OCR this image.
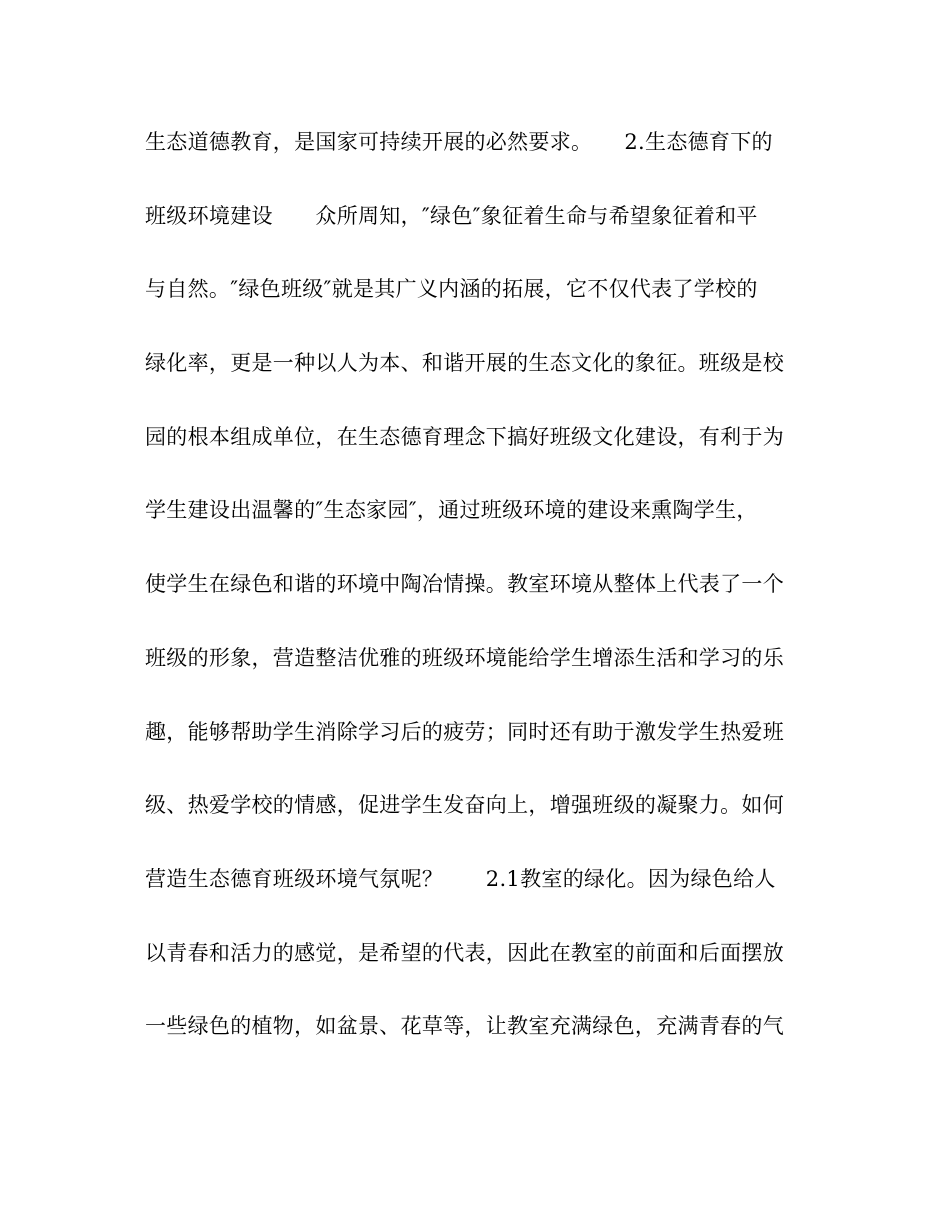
生态道德教育，是国家可持续开展的必然要求。　　2.生态德育下的
班级环境建设　　众所周知，″绿色″象征着生命与希望象征着和平
与自然。″绿色班级″就是其广义内涵的拓展，它不仅代表了学校的
绿化率，更是一种以人为本、和谐开展的生态文化的象征。班级是校
园的根本组成单位，在生态德育理念下搞好班级文化建设，有利于为
学生建设出温馨的″生态家园″，通过班级环境的建设来熏陶学生，
使学生在绿色和谐的环境中陶冶情操。教室环境从整体上代表了一个
班级的形象，营造整洁优雅的班级环境能给学生增添生活和学习的乐
趣，能够帮助学生消除学习后的疲劳；同时还有助于激发学生热爱班
级、热爱学校的情感，促进学生发奋向上，增强班级的凝聚力。如何
营造生态德育班级环境气氛呢？　　2.1教室的绿化。因为绿色给人
以青春和活力的感觉，是希望的代表，因此在教室的前面和后面摆放
一些绿色的植物，如盆景、花草等，让教室充满绿色，充满青春的气
